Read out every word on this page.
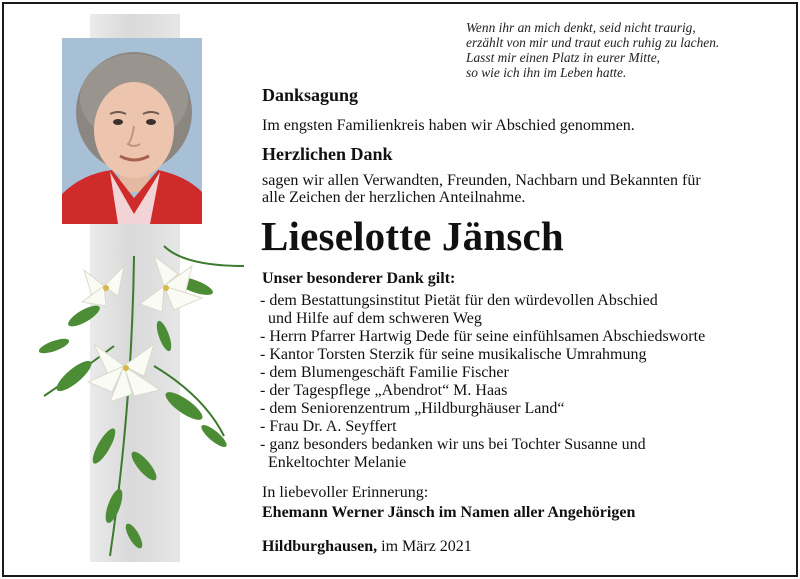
Wenn ihr an mich denkt, seid nicht traurig,
erzählt von mir und traut euch ruhig zu lachen.
Lasst mir einen Platz in eurer Mitte,
so wie ich ihn im Leben hatte.
Danksagung
Im engsten Familienkreis haben wir Abschied genommen.
Herzlichen Dank
sagen wir allen Verwandten, Freunden, Nachbarn und Bekannten für
alle Zeichen der herzlichen Anteilnahme.
Lieselotte Jänsch
Unser besonderer Dank gilt:
- dem Bestattungsinstitut Pietät für den würdevollen Abschied
und Hilfe auf dem schweren Weg
- Herrn Pfarrer Hartwig Dede für seine einfühlsamen Abschiedsworte
- Kantor Torsten Sterzik für seine musikalische Umrahmung
- dem Blumengeschäft Familie Fischer
- der Tagespflege „Abendrot“ M. Haas
- dem Seniorenzentrum „Hildburghäuser Land“
- Frau Dr. A. Seyffert
- ganz besonders bedanken wir uns bei Tochter Susanne und
Enkeltochter Melanie
In liebevoller Erinnerung:
Ehemann Werner Jänsch im Namen aller Angehörigen
Hildburghausen, im März 2021
